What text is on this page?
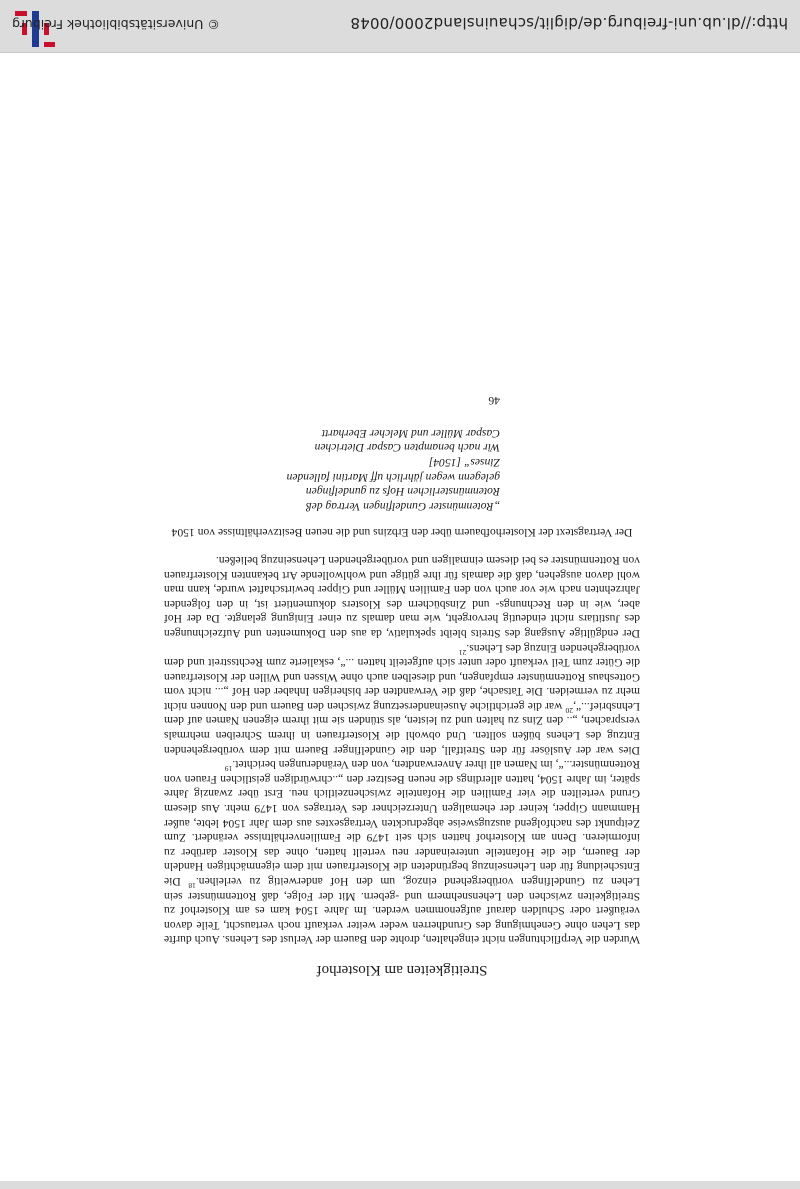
Streitigkeiten am Klosterhof

Wurden die Verpflichtungen nicht eingehalten, drohte den Bauern der Verlust des Lehens. Auch durfte das Lehen ohne Genehmigung des Grundherren weder weiter verkauft noch vertauscht, Teile davon veräußert oder Schulden darauf aufgenommen werden. Im Jahre 1504 kam es am Klosterhof zu Streitigkeiten zwischen den Lehensnehmern und -gebern. Mit der Folge, daß Rottenmünster sein Lehen zu Gundelfingen vorübergehend einzog, um den Hof anderweitig zu verleihen.$^{18}$ Die Entscheidung für den Lehenseinzug begründeten die Klosterfrauen mit dem eigenmächtigen Handeln der Bauern, die die Hofanteile untereinander neu verteilt hatten, ohne das Kloster darüber zu informieren. Denn am Klosterhof hatten sich seit 1479 die Familienverhältnisse verändert. Zum Zeitpunkt des nachfolgend auszugsweise abgedruckten Vertragsextes aus dem Jahr 1504 lebte, außer Hammann Gipper, keiner der ehemaligen Unterzeichner des Vertrages von 1479 mehr. Aus diesem Grund verteilten die vier Familien die Hofanteile zwischenzeitlich neu. Erst über zwanzig Jahre später, im Jahre 1504, hatten allerdings die neuen Besitzer den „..chrwürdigen geistlichen Frauen von Rottenmünster...“, im Namen all ihrer Anverwandten, von den Veränderungen berichtet.$^{19}$

Dies war der Auslöser für den Streitfall, den die Gundelfinger Bauern mit dem vorübergehenden Entzug des Lehens büßen sollten. Und obwohl die Klosterfrauen in ihrem Schreiben mehrmals versprachen, „.. den Zins zu halten und zu leisten, als stünden sie mit ihrem eigenen Namen auf dem Lehnsbrief...“,$^{20}$ war die gerichtliche Auseinandersetzung zwischen den Bauern und den Nonnen nicht mehr zu vermeiden. Die Tatsache, daß die Verwandten der bisherigen Inhaber den Hof „... nicht vom Gotteshaus Rottenmünster empfangen, und dieselben auch ohne Wissen und Willen der Klosterfrauen die Güter zum Teil verkauft oder unter sich aufgeteilt hatten ...“, eskalierte zum Rechtsstreit und dem vorübergehenden Einzug des Lehens.$^{21}$

Der endgültige Ausgang des Streits bleibt spekulativ, da aus den Dokumenten und Aufzeichnungen des Justitiars nicht eindeutig hervorgeht, wie man damals zu einer Einigung gelangte. Da der Hof aber, wie in den Rechnungs- und Zinsbüchern des Klosters dokumentiert ist, in den folgenden Jahrzehnten nach wie vor auch von den Familien Müller und Gipper bewirtschaftet wurde, kann man wohl davon ausgehen, daß die damals für ihre gütige und wohlwollende Art bekannten Klosterfrauen von Rottenmünster es bei diesem einmaligen und vorübergehenden Lehenseinzug beließen.

Der Vertragstext der Klosterhofbauern über den Erbzins und die neuen Besitzverhältnisse von 1504
„Rotenmünster Gundelfingen Vertrag deß
Rotenmünsterlichen Hofs zu gundelfingen
gelegenn wegen jährlich uff Martini fallenden
Zinses“ [1504]
Wir nach benampten Caspar Dietrichen
Caspar Müller und Melcher Eberhartt
46
© Universitätsbibliothek Freiburg	http://dl.ub.uni-freiburg.de/diglit/schauinsland2000/0048
